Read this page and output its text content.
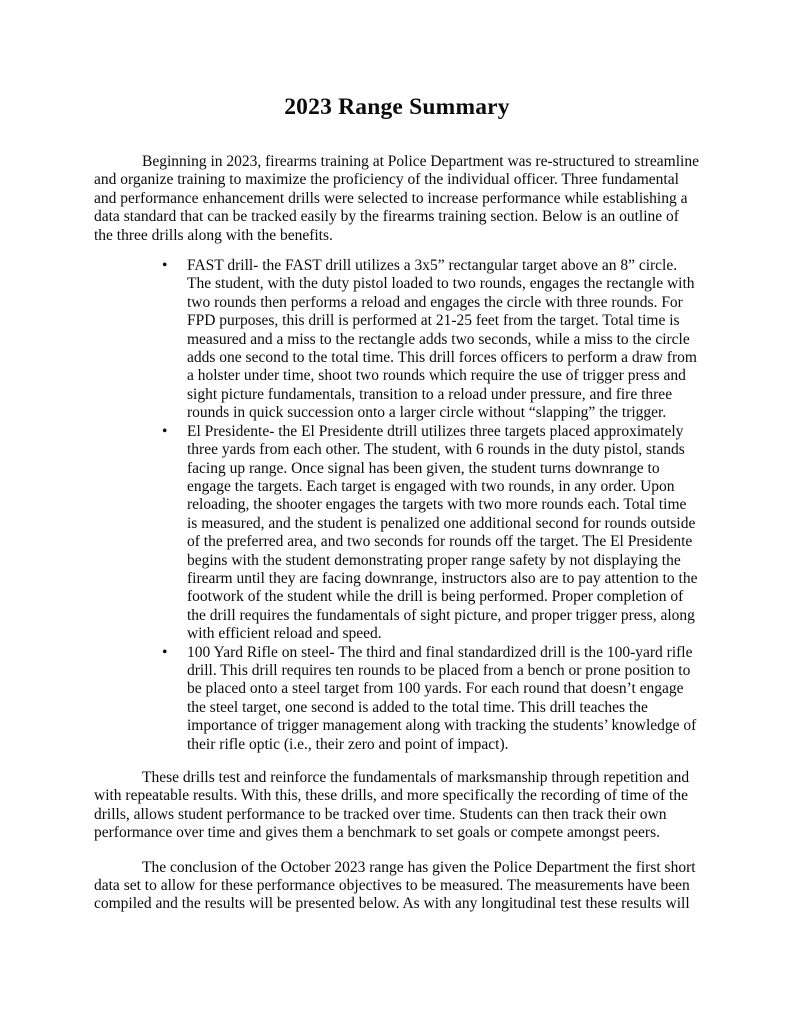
2023 Range Summary

Beginning in 2023, firearms training at Police Department was re-structured to streamline and organize training to maximize the proficiency of the individual officer. Three fundamental and performance enhancement drills were selected to increase performance while establishing a data standard that can be tracked easily by the firearms training section. Below is an outline of the three drills along with the benefits.

• FAST drill- the FAST drill utilizes a 3x5” rectangular target above an 8” circle. The student, with the duty pistol loaded to two rounds, engages the rectangle with two rounds then performs a reload and engages the circle with three rounds. For FPD purposes, this drill is performed at 21-25 feet from the target. Total time is measured and a miss to the rectangle adds two seconds, while a miss to the circle adds one second to the total time. This drill forces officers to perform a draw from a holster under time, shoot two rounds which require the use of trigger press and sight picture fundamentals, transition to a reload under pressure, and fire three rounds in quick succession onto a larger circle without “slapping” the trigger.
• El Presidente- the El Presidente dtrill utilizes three targets placed approximately three yards from each other. The student, with 6 rounds in the duty pistol, stands facing up range. Once signal has been given, the student turns downrange to engage the targets. Each target is engaged with two rounds, in any order. Upon reloading, the shooter engages the targets with two more rounds each. Total time is measured, and the student is penalized one additional second for rounds outside of the preferred area, and two seconds for rounds off the target. The El Presidente begins with the student demonstrating proper range safety by not displaying the firearm until they are facing downrange, instructors also are to pay attention to the footwork of the student while the drill is being performed. Proper completion of the drill requires the fundamentals of sight picture, and proper trigger press, along with efficient reload and speed.
• 100 Yard Rifle on steel- The third and final standardized drill is the 100-yard rifle drill. This drill requires ten rounds to be placed from a bench or prone position to be placed onto a steel target from 100 yards. For each round that doesn’t engage the steel target, one second is added to the total time. This drill teaches the importance of trigger management along with tracking the students’ knowledge of their rifle optic (i.e., their zero and point of impact).

These drills test and reinforce the fundamentals of marksmanship through repetition and with repeatable results. With this, these drills, and more specifically the recording of time of the drills, allows student performance to be tracked over time. Students can then track their own performance over time and gives them a benchmark to set goals or compete amongst peers.

The conclusion of the October 2023 range has given the Police Department the first short data set to allow for these performance objectives to be measured. The measurements have been compiled and the results will be presented below. As with any longitudinal test these results will
